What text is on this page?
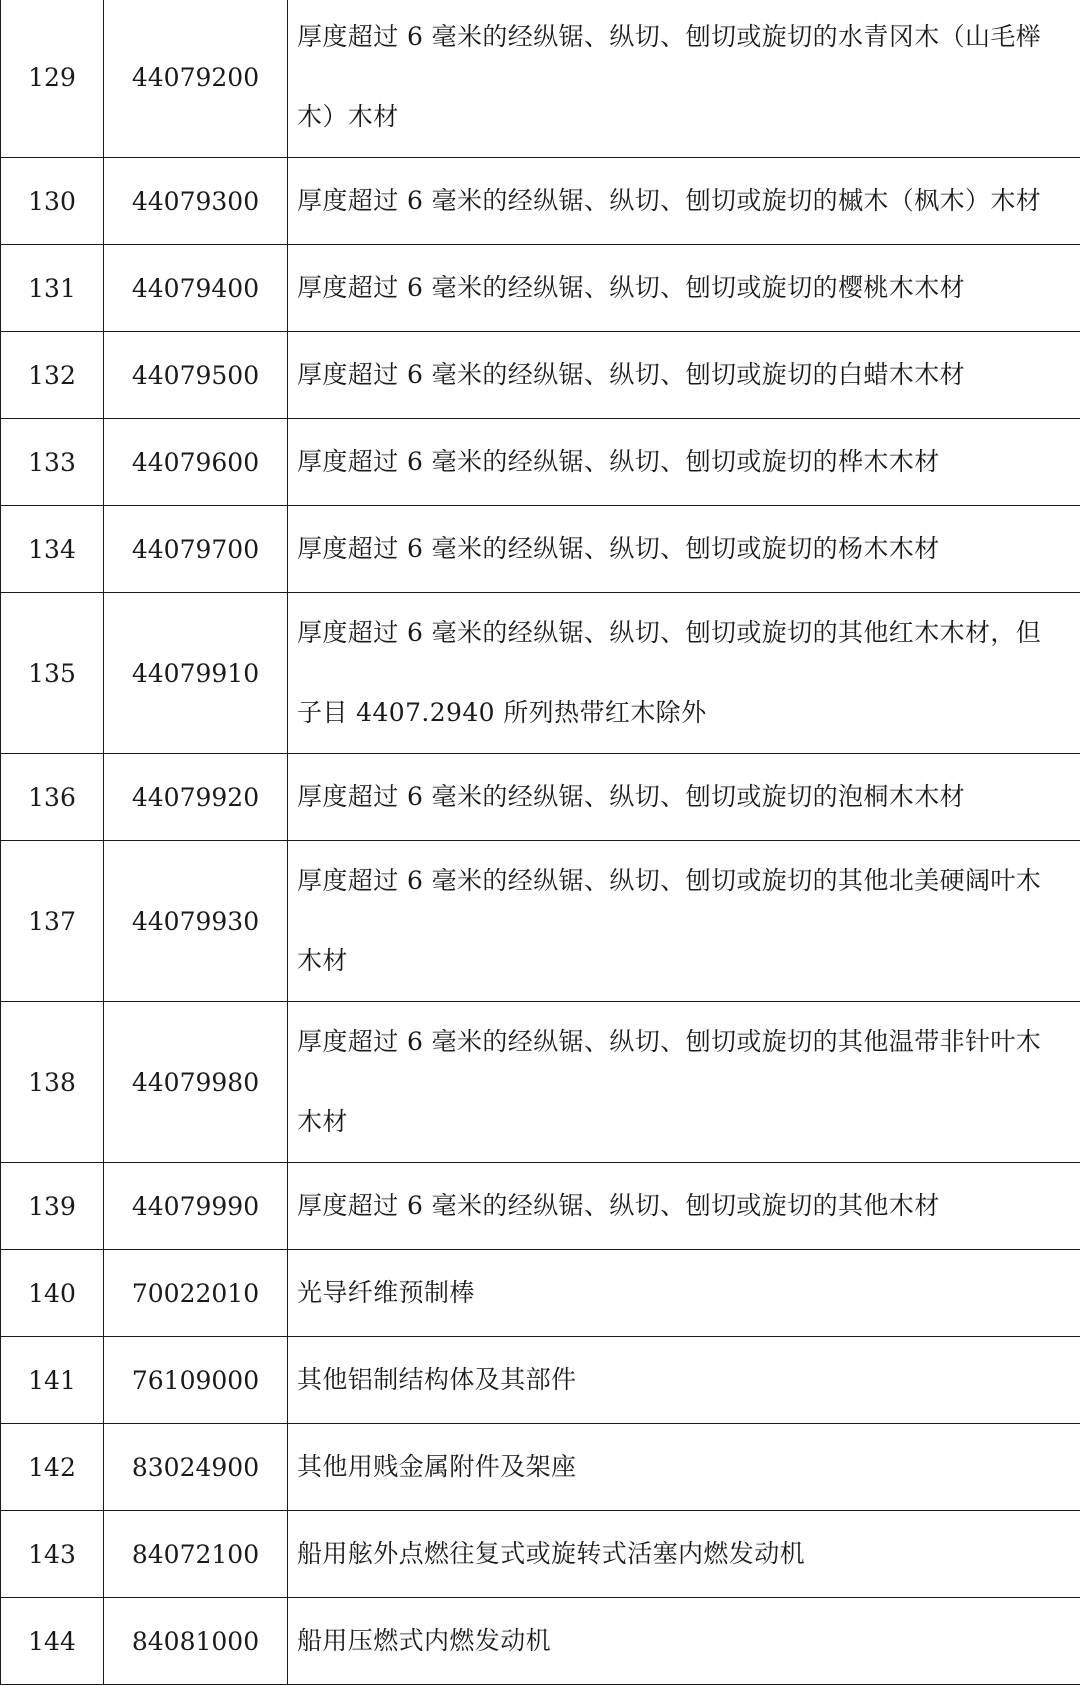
129	44079200	厚度超过 6 毫米的经纵锯、纵切、刨切或旋切的水青冈木（山毛榉
木）木材
130	44079300	厚度超过 6 毫米的经纵锯、纵切、刨切或旋切的槭木（枫木）木材
131	44079400	厚度超过 6 毫米的经纵锯、纵切、刨切或旋切的樱桃木木材
132	44079500	厚度超过 6 毫米的经纵锯、纵切、刨切或旋切的白蜡木木材
133	44079600	厚度超过 6 毫米的经纵锯、纵切、刨切或旋切的桦木木材
134	44079700	厚度超过 6 毫米的经纵锯、纵切、刨切或旋切的杨木木材
135	44079910	厚度超过 6 毫米的经纵锯、纵切、刨切或旋切的其他红木木材，但
子目 4407.2940 所列热带红木除外
136	44079920	厚度超过 6 毫米的经纵锯、纵切、刨切或旋切的泡桐木木材
137	44079930	厚度超过 6 毫米的经纵锯、纵切、刨切或旋切的其他北美硬阔叶木
木材
138	44079980	厚度超过 6 毫米的经纵锯、纵切、刨切或旋切的其他温带非针叶木
木材
139	44079990	厚度超过 6 毫米的经纵锯、纵切、刨切或旋切的其他木材
140	70022010	光导纤维预制棒
141	76109000	其他铝制结构体及其部件
142	83024900	其他用贱金属附件及架座
143	84072100	船用舷外点燃往复式或旋转式活塞内燃发动机
144	84081000	船用压燃式内燃发动机
